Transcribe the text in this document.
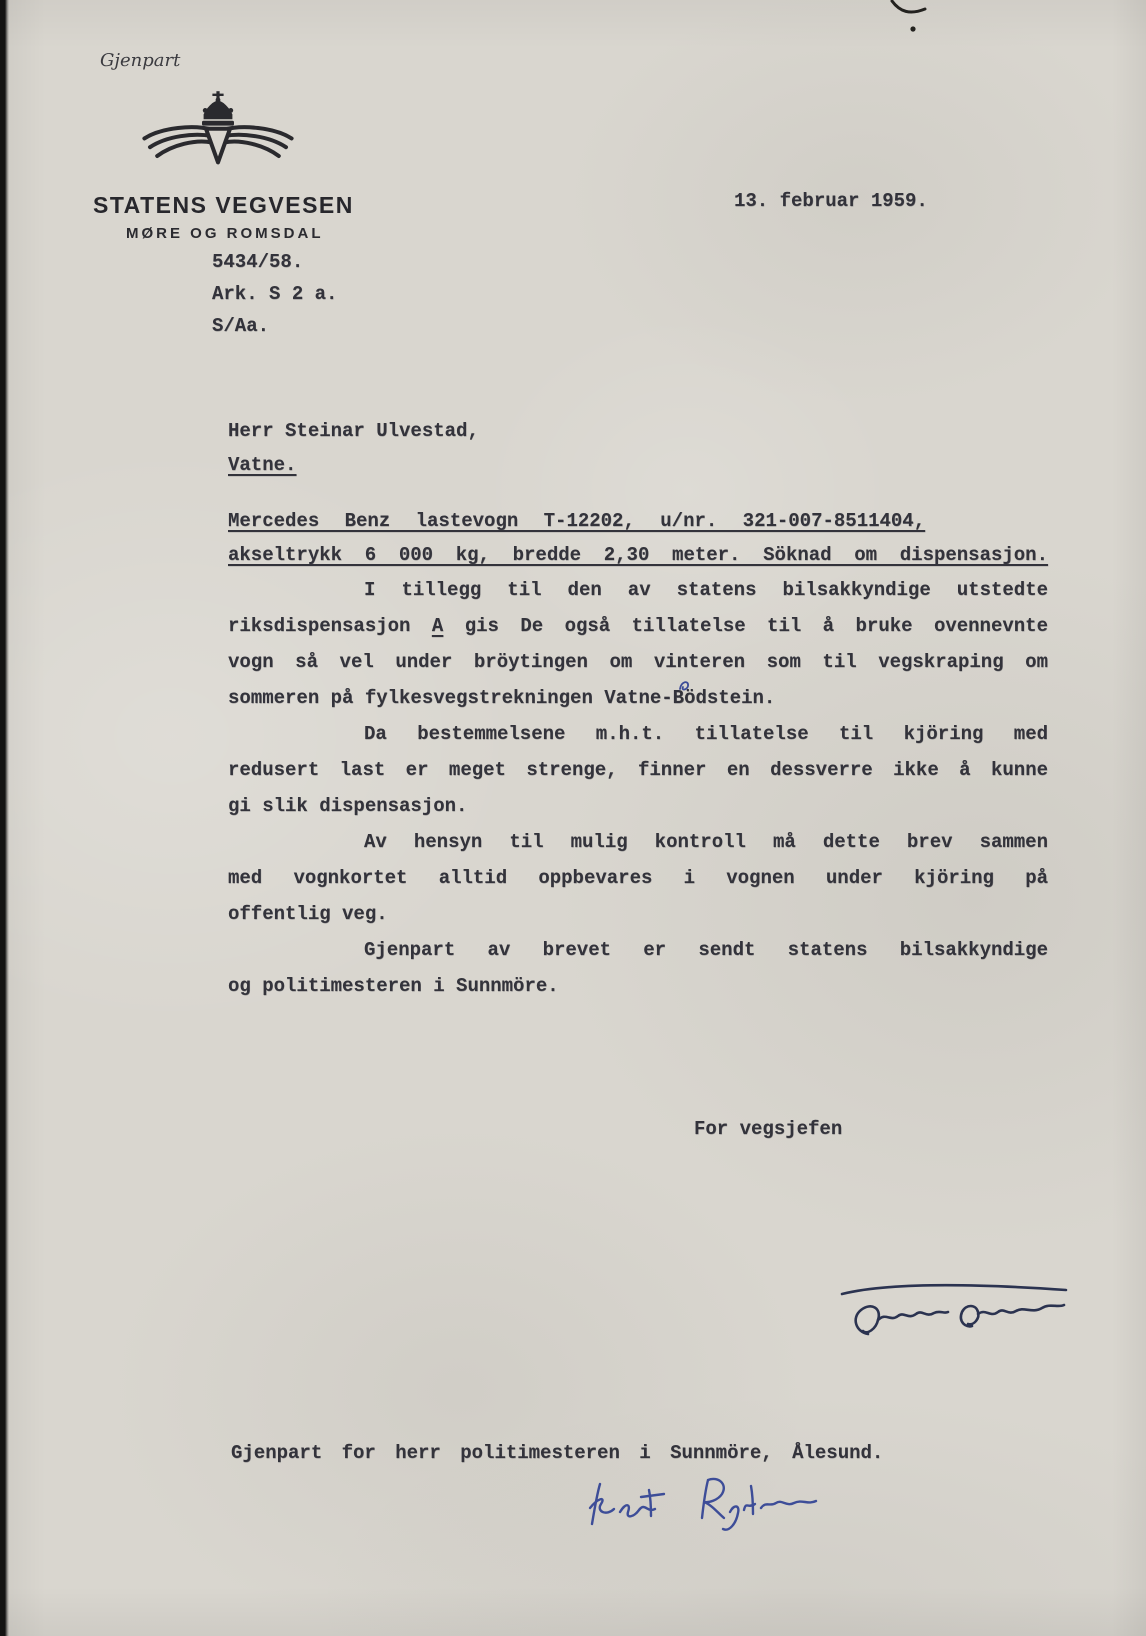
Gjenpart
STATENS VEGVESEN
MØRE OG ROMSDAL
5434/58.
Ark. S 2 a.
S/Aa.
13. februar 1959.
Herr Steinar Ulvestad,
Vatne.
Mercedes Benz lastevogn T-12202, u/nr. 321-007-8511404,
akseltrykk 6 000 kg, bredde 2,30 meter. Söknad om dispensasjon.
I tillegg til den av statens bilsakkyndige utstedte
riksdispensasjon A gis De også tillatelse til å bruke ovennevnte
vogn så vel under bröytingen om vinteren som til vegskraping om
sommeren på fylkesvegstrekningen Vatne-Bödstein.
Da bestemmelsene m.h.t. tillatelse til kjöring med
redusert last er meget strenge, finner en dessverre ikke å kunne
gi slik dispensasjon.
Av hensyn til mulig kontroll må dette brev sammen
med vognkortet alltid oppbevares i vognen under kjöring på
offentlig veg.
Gjenpart av brevet er sendt statens bilsakkyndige
og politimesteren i Sunnmöre.
For vegsjefen
Gjenpart for herr politimesteren i Sunnmöre, Ålesund.
